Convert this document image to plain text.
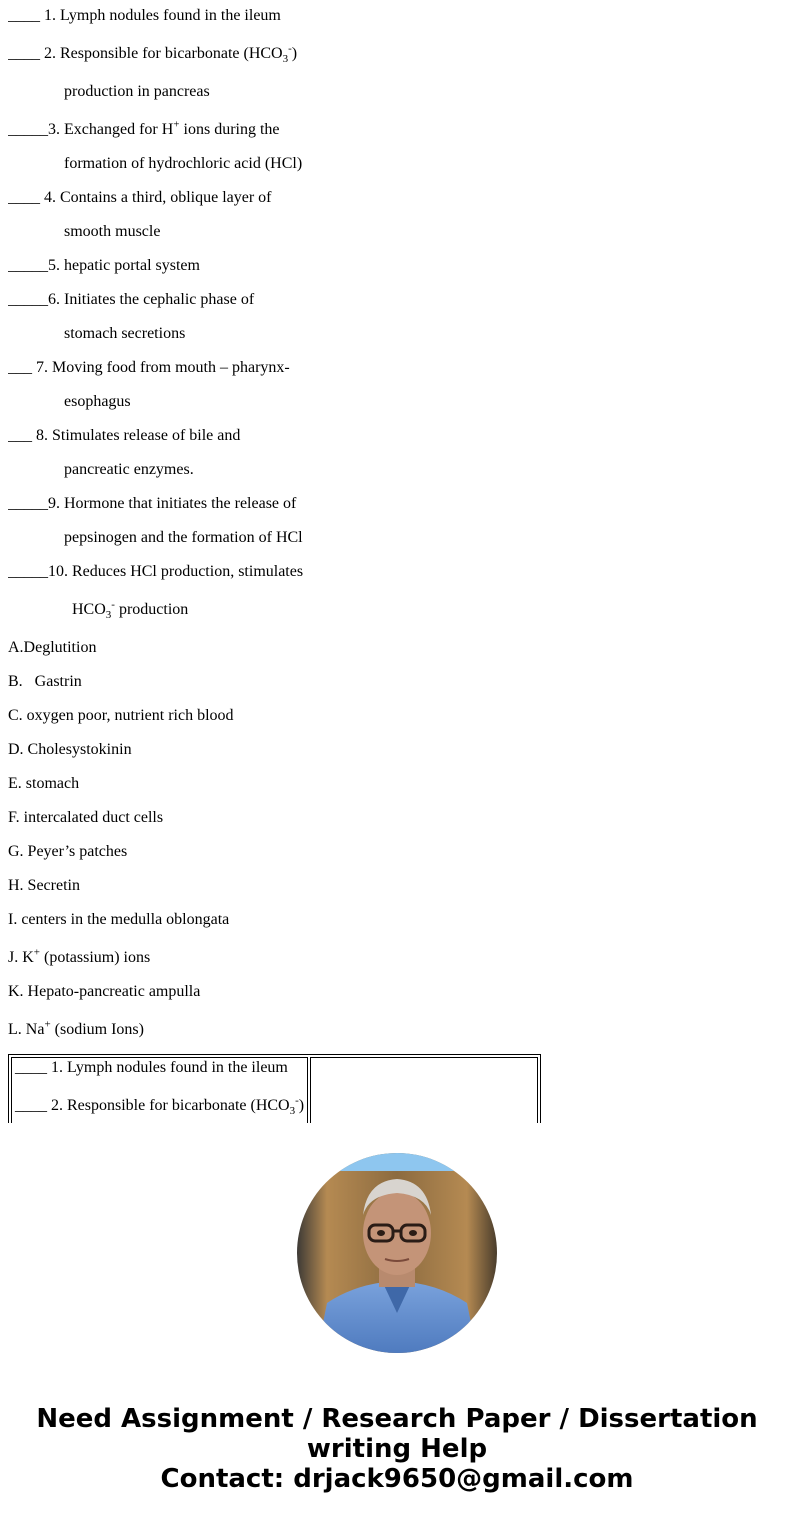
____ 1. Lymph nodules found in the ileum

____ 2. Responsible for bicarbonate $(HCO_3^-)$

production in pancreas

_____3. Exchanged for H+ ions during the

formation of hydrochloric acid (HCl)

____ 4. Contains a third, oblique layer of

smooth muscle

_____5. hepatic portal system

_____6. Initiates the cephalic phase of

stomach secretions

___ 7. Moving food from mouth – pharynx-

esophagus

___ 8. Stimulates release of bile and

pancreatic enzymes.

_____9. Hormone that initiates the release of

pepsinogen and the formation of HCl

_____10. Reduces HCl production, stimulates

$HCO_3^-$ production

A.Deglutition

B.   Gastrin

C. oxygen poor, nutrient rich blood

D. Cholesystokinin

E. stomach

F. intercalated duct cells

G. Peyer’s patches

H. Secretin

I. centers in the medulla oblongata

J. K+ (potassium) ions

K. Hepato-pancreatic ampulla

L. Na+ (sodium Ions)

____ 1. Lymph nodules found in the ileum

____ 2. Responsible for bicarbonate $(HCO_3^-)$

Need Assignment / Research Paper / Dissertation
writing Help
Contact: drjack9650@gmail.com
